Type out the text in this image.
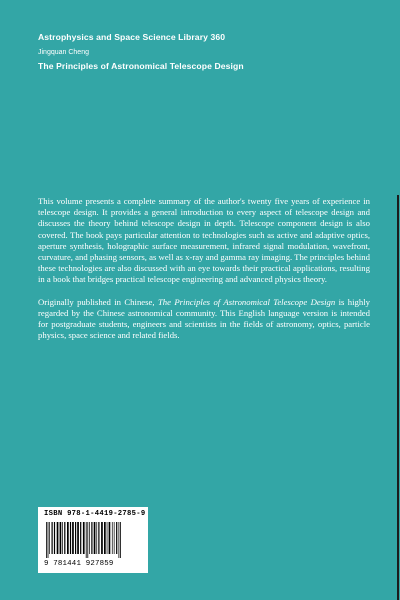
Astrophysics and Space Science Library 360
Jingquan Cheng
The Principles of Astronomical Telescope Design

This volume presents a complete summary of the author's twenty five years of experience in telescope design. It provides a general introduction to every aspect of telescope design and discusses the theory behind telescope design in depth. Telescope component design is also covered. The book pays particular attention to technologies such as active and adaptive optics, aperture synthesis, holographic surface measurement, infrared signal modulation, wavefront, curvature, and phasing sensors, as well as x-ray and gamma ray imaging. The principles behind these technologies are also discussed with an eye towards their practical applications, resulting in a book that bridges practical telescope engineering and advanced physics theory.

Originally published in Chinese, The Principles of Astronomical Telescope Design is highly regarded by the Chinese astronomical community. This English language version is intended for postgraduate students, engineers and scientists in the fields of astronomy, optics, particle physics, space science and related fields.

ISBN 978-1-4419-2785-9
9 781441 927859
